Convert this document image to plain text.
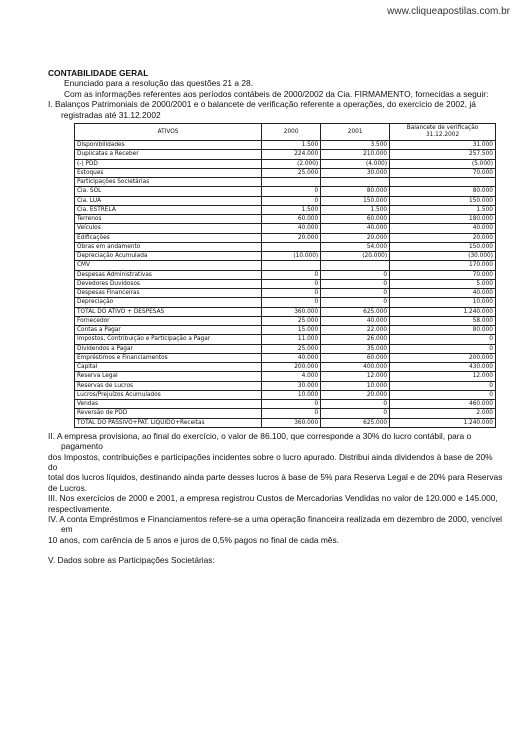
www.cliqueapostilas.com.br

CONTABILIDADE GERAL

Enunciado para a resolução das questões 21 a 28.

Com as informações referentes aos períodos contábeis de 2000/2002 da Cia. FIRMAMENTO, fornecidas a seguir:

I. Balanços Patrimoniais de 2000/2001 e o balancete de verificação referente a operações, do exercício de 2002, já registradas até 31.12.2002

ATIVOS	2000	2001	Balancete de verificação
31.12.2002
Disponibilidades	1.500	3.500	31.000
Duplicatas a Receber	224.000	210.000	257.500
(-) PDD	(2.000)	(4.000)	(5.000)
Estoques	25.000	30.000	70.000
Participações Societárias			
Cia. SOL	0	80.000	80.000
Cia. LUA	0	150.000	150.000
Cia. ESTRELA	1.500	1.500	1.500
Terrenos	60.000	60.000	180.000
Veículos	40.000	40.000	40.000
Edificações	20.000	20.000	20.000
Obras em andamento		54.000	150.000
Depreciação Acumulada	(10.000)	(20.000)	(30.000)
CMV			170.000
Despesas Administrativas	0	0	70.000
Devedores Duvidosos	0	0	5.000
Despesas Financeiras	0	0	40.000
Depreciação	0	0	10.000
TOTAL DO ATIVO + DESPESAS	360.000	625.000	1.240.000
Fornecedor	25.000	40.000	58.000
Contas a Pagar	15.000	22.000	80.000
Impostos, Contribuição e Participação a Pagar	11.000	26.000	0
Dividendos a Pagar	25.000	35.000	0
Empréstimos e Financiamentos	40.000	60.000	200.000
Capital	200.000	400.000	430.000
Reserva Legal	4.000	12.000	12.000
Reservas de Lucros	30.000	10.000	0
Lucros/Prejuízos Acumulados	10.000	20.000	0
Vendas	0	0	460.000
Reversão de PDD	0	0	2.000
TOTAL DO PASSIVO+PAT. LÍQUIDO+Receitas	360.000	625.000	1.240.000

II. A empresa provisiona, ao final do exercício, o valor de 86.100, que corresponde a 30% do lucro contábil, para o pagamento

dos Impostos, contribuições e participações incidentes sobre o lucro apurado. Distribui ainda dividendos à base de 20% do

total dos lucros líquidos, destinando ainda parte desses lucros à base de 5% para Reserva Legal e de 20% para Reservas

de Lucros.

III. Nos exercícios de 2000 e 2001, a empresa registrou Custos de Mercadorias Vendidas no valor de 120.000 e 145.000,

respectivamente.

IV. A conta Empréstimos e Financiamentos refere-se a uma operação financeira realizada em dezembro de 2000, vencível em

10 anos, com carência de 5 anos e juros de 0,5% pagos no final de cada mês.

V. Dados sobre as Participações Societárias:
